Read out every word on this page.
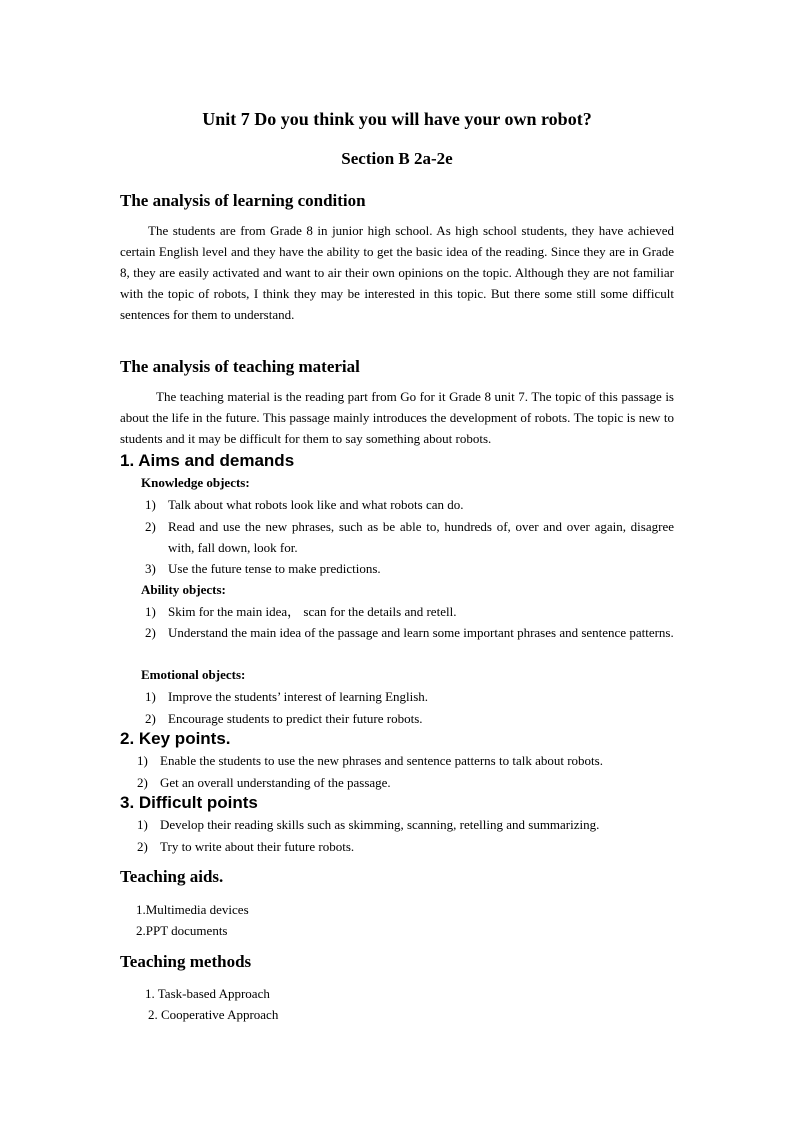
Unit 7 Do you think you will have your own robot?
Section B 2a-2e
The analysis of learning condition

The students are from Grade 8 in junior high school. As high school students, they have achieved certain English level and they have the ability to get the basic idea of the reading. Since they are in Grade 8, they are easily activated and want to air their own opinions on the topic. Although they are not familiar with the topic of robots, I think they may be interested in this topic. But there some still some difficult sentences for them to understand.

The analysis of teaching material

The teaching material is the reading part from Go for it Grade 8 unit 7. The topic of this passage is about the life in the future. This passage mainly introduces the development of robots. The topic is new to students and it may be difficult for them to say something about robots.

1. Aims and demands
Knowledge objects:
1) Talk about what robots look like and what robots can do.
2) Read and use the new phrases, such as be able to, hundreds of, over and over again, disagree with, fall down, look for.
3) Use the future tense to make predictions.
Ability objects:
1) Skim for the main idea， scan for the details and retell.
2) Understand the main idea of the passage and learn some important phrases and sentence patterns.
Emotional objects:
1) Improve the students’ interest of learning English.
2) Encourage students to predict their future robots.
2. Key points.
1) Enable the students to use the new phrases and sentence patterns to talk about robots.
2) Get an overall understanding of the passage.
3. Difficult points
1) Develop their reading skills such as skimming, scanning, retelling and summarizing.
2) Try to write about their future robots.
Teaching aids.
1.Multimedia devices
2.PPT documents
Teaching methods
1. Task-based Approach
2. Cooperative Approach
